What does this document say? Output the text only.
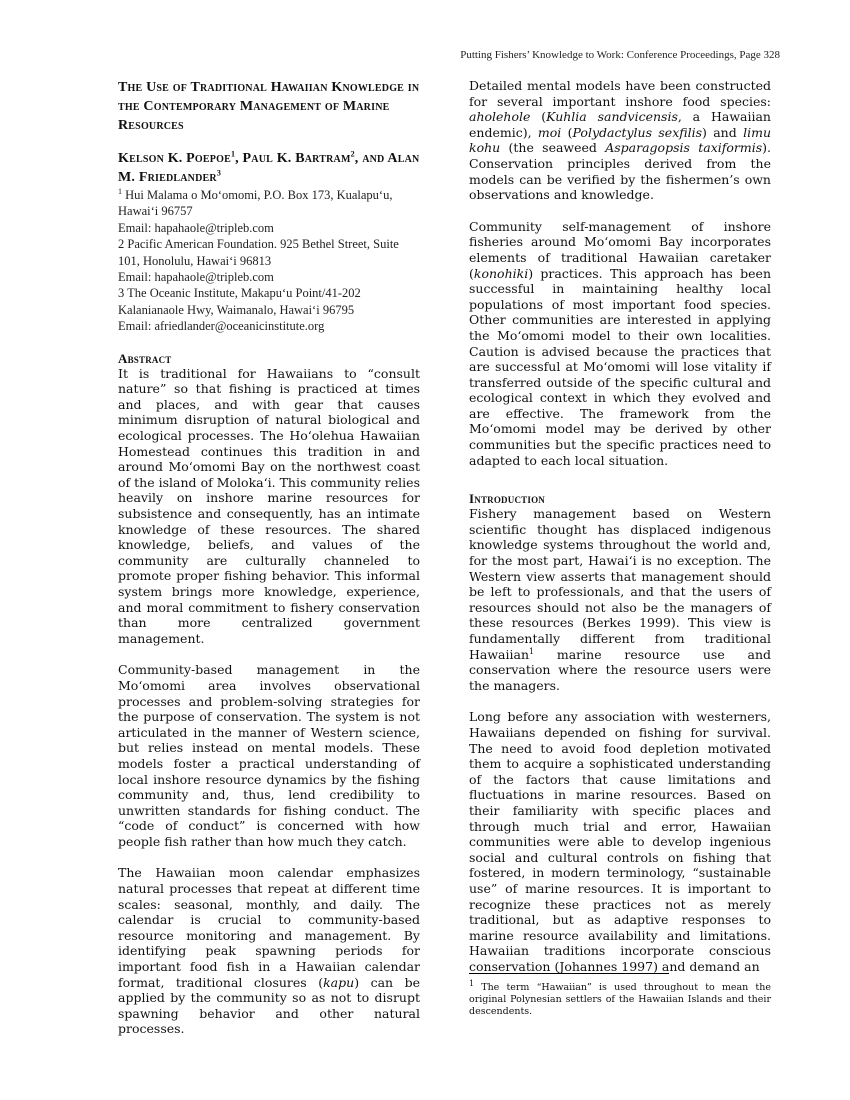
Putting Fishers’ Knowledge to Work: Conference Proceedings, Page 328

The Use of Traditional Hawaiian Knowledge in the Contemporary Management of Marine Resources

Kelson K. Poepoe$^1$, Paul K. Bartram$^2$, and Alan M. Friedlander$^3$

$^1$ Hui Malama o Moʻomomi, P.O. Box 173, Kualapuʻu, Hawaiʻi 96757

Email: hapahaole@tripleb.com

2 Pacific American Foundation. 925 Bethel Street, Suite 101, Honolulu, Hawaiʻi 96813

Email: hapahaole@tripleb.com

3 The Oceanic Institute, Makapuʻu Point/41-202 Kalanianaole Hwy, Waimanalo, Hawaiʻi 96795

Email: afriedlander@oceanicinstitute.org

Abstract

It is traditional for Hawaiians to “consult nature” so that fishing is practiced at times and places, and with gear that causes minimum disruption of natural biological and ecological processes. The Hoʻolehua Hawaiian Homestead continues this tradition in and around Moʻomomi Bay on the northwest coast of the island of Molokaʻi. This community relies heavily on inshore marine resources for subsistence and consequently, has an intimate knowledge of these resources. The shared knowledge, beliefs, and values of the community are culturally channeled to promote proper fishing behavior. This informal system brings more knowledge, experience, and moral commitment to fishery conservation than more centralized government management.

Community-based management in the Moʻomomi area involves observational processes and problem-solving strategies for the purpose of conservation. The system is not articulated in the manner of Western science, but relies instead on mental models. These models foster a practical understanding of local inshore resource dynamics by the fishing community and, thus, lend credibility to unwritten standards for fishing conduct. The “code of conduct” is concerned with how people fish rather than how much they catch.

The Hawaiian moon calendar emphasizes natural processes that repeat at different time scales: seasonal, monthly, and daily. The calendar is crucial to community-based resource monitoring and management. By identifying peak spawning periods for important food fish in a Hawaiian calendar format, traditional closures (kapu) can be applied by the community so as not to disrupt spawning behavior and other natural processes.

Detailed mental models have been constructed for several important inshore food species: aholehole (Kuhlia sandvicensis, a Hawaiian endemic), moi (Polydactylus sexfilis) and limu kohu (the seaweed Asparagopsis taxiformis). Conservation principles derived from the models can be verified by the fishermen’s own observations and knowledge.

Community self-management of inshore fisheries around Moʻomomi Bay incorporates elements of traditional Hawaiian caretaker (konohiki) practices. This approach has been successful in maintaining healthy local populations of most important food species. Other communities are interested in applying the Moʻomomi model to their own localities. Caution is advised because the practices that are successful at Moʻomomi will lose vitality if transferred outside of the specific cultural and ecological context in which they evolved and are effective. The framework from the Moʻomomi model may be derived by other communities but the specific practices need to adapted to each local situation.

Introduction

Fishery management based on Western scientific thought has displaced indigenous knowledge systems throughout the world and, for the most part, Hawaiʻi is no exception. The Western view asserts that management should be left to professionals, and that the users of resources should not also be the managers of these resources (Berkes 1999). This view is fundamentally different from traditional Hawaiian$^1$ marine resource use and conservation where the resource users were the managers.

Long before any association with westerners, Hawaiians depended on fishing for survival. The need to avoid food depletion motivated them to acquire a sophisticated understanding of the factors that cause limitations and fluctuations in marine resources. Based on their familiarity with specific places and through much trial and error, Hawaiian communities were able to develop ingenious social and cultural controls on fishing that fostered, in modern terminology, “sustainable use” of marine resources. It is important to recognize these practices not as merely traditional, but as adaptive responses to marine resource availability and limitations. Hawaiian traditions incorporate conscious conservation (Johannes 1997) and demand an

$^1$ The term “Hawaiian” is used throughout to mean the original Polynesian settlers of the Hawaiian Islands and their descendents.
